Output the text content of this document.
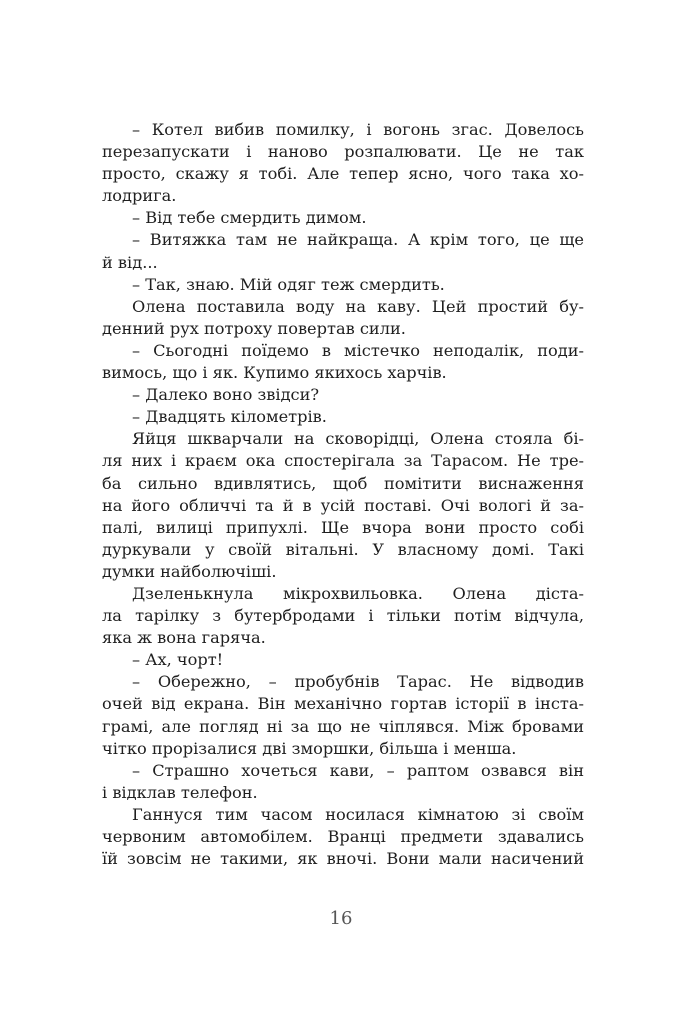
– Котел вибив помилку, і вогонь згас. Довелось
перезапускати і наново розпалювати. Це не так
просто, скажу я тобі. Але тепер ясно, чого така хо-
лодрига.
– Від тебе смердить димом.
– Витяжка там не найкраща. А крім того, це ще
й від...
– Так, знаю. Мій одяг теж смердить.
Олена поставила воду на каву. Цей простий бу-
денний рух потроху повертав сили.
– Сьогодні поїдемо в містечко неподалік, поди-
вимось, що і як. Купимо якихось харчів.
– Далеко воно звідси?
– Двадцять кілометрів.
Яйця шкварчали на сковорідці, Олена стояла бі-
ля них і краєм ока спостерігала за Тарасом. Не тре-
ба сильно вдивлятись, щоб помітити виснаження
на його обличчі та й в усій поставі. Очі вологі й за-
палі, вилиці припухлі. Ще вчора вони просто собі
дуркували у своїй вітальні. У власному домі. Такі
думки найболючіші.
Дзеленькнула мікрохвильовка. Олена діста-
ла тарілку з бутербродами і тільки потім відчула,
яка ж вона гаряча.
– Ах, чорт!
– Обережно, – пробубнів Тарас. Не відводив
очей від екрана. Він механічно гортав історії в інста-
грамі, але погляд ні за що не чіплявся. Між бровами
чітко прорізалися дві зморшки, більша і менша.
– Страшно хочеться кави, – раптом озвався він
і відклав телефон.
Ганнуся тим часом носилася кімнатою зі своїм
червоним автомобілем. Вранці предмети здавались
їй зовсім не такими, як вночі. Вони мали насичений
16
